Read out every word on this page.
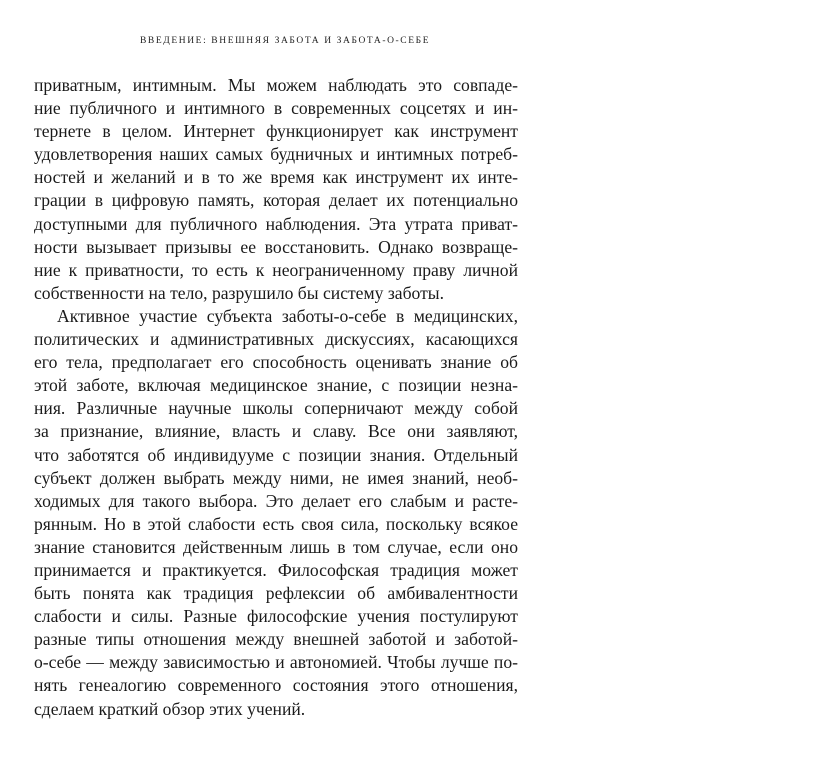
ВВЕДЕНИЕ: ВНЕШНЯЯ ЗАБОТА И ЗАБОТА-О-СЕБЕ
приватным, интимным. Мы можем наблюдать это совпаде-
ние публичного и интимного в современных соцсетях и ин-
тернете в целом. Интернет функционирует как инструмент
удовлетворения наших самых будничных и интимных потреб-
ностей и желаний и в то же время как инструмент их инте-
грации в цифровую память, которая делает их потенциально
доступными для публичного наблюдения. Эта утрата приват-
ности вызывает призывы ее восстановить. Однако возвраще-
ние к приватности, то есть к неограниченному праву личной
собственности на тело, разрушило бы систему заботы.
Активное участие субъекта заботы-о-себе в медицинских,
политических и административных дискуссиях, касающихся
его тела, предполагает его способность оценивать знание об
этой заботе, включая медицинское знание, с позиции незна-
ния. Различные научные школы соперничают между собой
за признание, влияние, власть и славу. Все они заявляют,
что заботятся об индивидууме с позиции знания. Отдельный
субъект должен выбрать между ними, не имея знаний, необ-
ходимых для такого выбора. Это делает его слабым и расте-
рянным. Но в этой слабости есть своя сила, поскольку всякое
знание становится действенным лишь в том случае, если оно
принимается и практикуется. Философская традиция может
быть понята как традиция рефлексии об амбивалентности
слабости и силы. Разные философские учения постулируют
разные типы отношения между внешней заботой и заботой-
о-себе — между зависимостью и автономией. Чтобы лучше по-
нять генеалогию современного состояния этого отношения,
сделаем краткий обзор этих учений.
